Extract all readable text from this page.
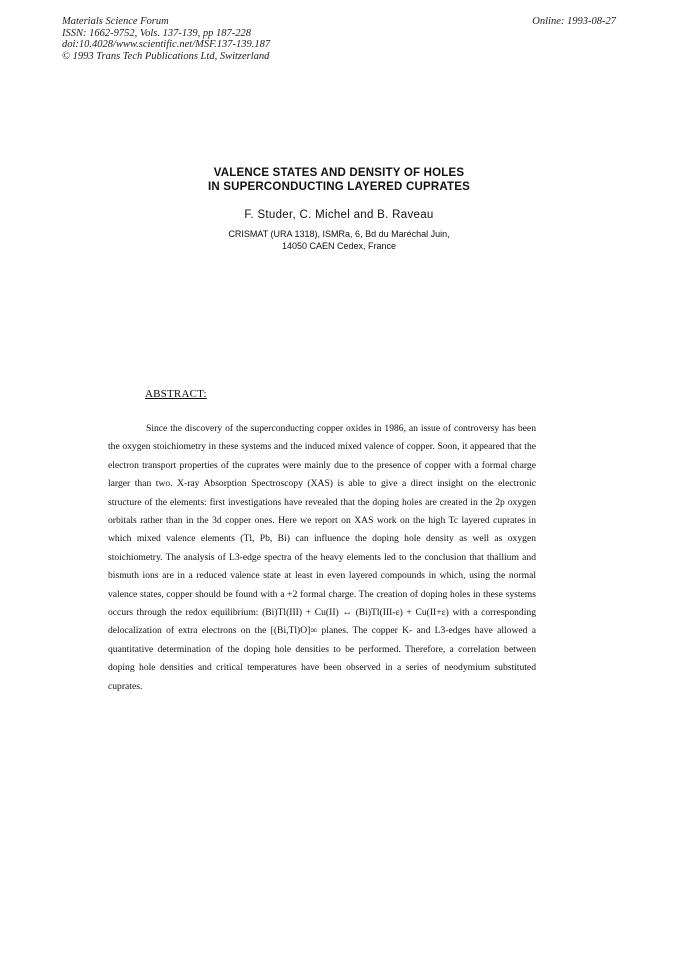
Materials Science Forum
ISSN: 1662-9752, Vols. 137-139, pp 187-228
doi:10.4028/www.scientific.net/MSF.137-139.187
© 1993 Trans Tech Publications Ltd, Switzerland
Online: 1993-08-27
VALENCE STATES AND DENSITY OF HOLES
IN SUPERCONDUCTING LAYERED CUPRATES
F. Studer, C. Michel and B. Raveau
CRISMAT (URA 1318), ISMRa, 6, Bd du Maréchal Juin,
14050 CAEN Cedex, France
ABSTRACT:
Since the discovery of the superconducting copper oxides in 1986, an issue of controversy has been the oxygen stoichiometry in these systems and the induced mixed valence of copper. Soon, it appeared that the electron transport properties of the cuprates were mainly due to the presence of copper with a formal charge larger than two. X-ray Absorption Spectroscopy (XAS) is able to give a direct insight on the electronic structure of the elements: first investigations have revealed that the doping holes are created in the 2p oxygen orbitals rather than in the 3d copper ones. Here we report on XAS work on the high Tc layered cuprates in which mixed valence elements (Tl, Pb, Bi) can influence the doping hole density as well as oxygen stoichiometry. The analysis of L3-edge spectra of the heavy elements led to the conclusion that thallium and bismuth ions are in a reduced valence state at least in even layered compounds in which, using the normal valence states, copper should be found with a +2 formal charge. The creation of doping holes in these systems occurs through the redox equilibrium: (Bi)Tl(III) + Cu(II) ↔ (Bi)Tl(III-ε) + Cu(II+ε) with a corresponding delocalization of extra electrons on the [(Bi,Tl)O]∞ planes. The copper K- and L3-edges have allowed a quantitative determination of the doping hole densities to be performed. Therefore, a correlation between doping hole densities and critical temperatures have been observed in a series of neodymium substituted cuprates.
